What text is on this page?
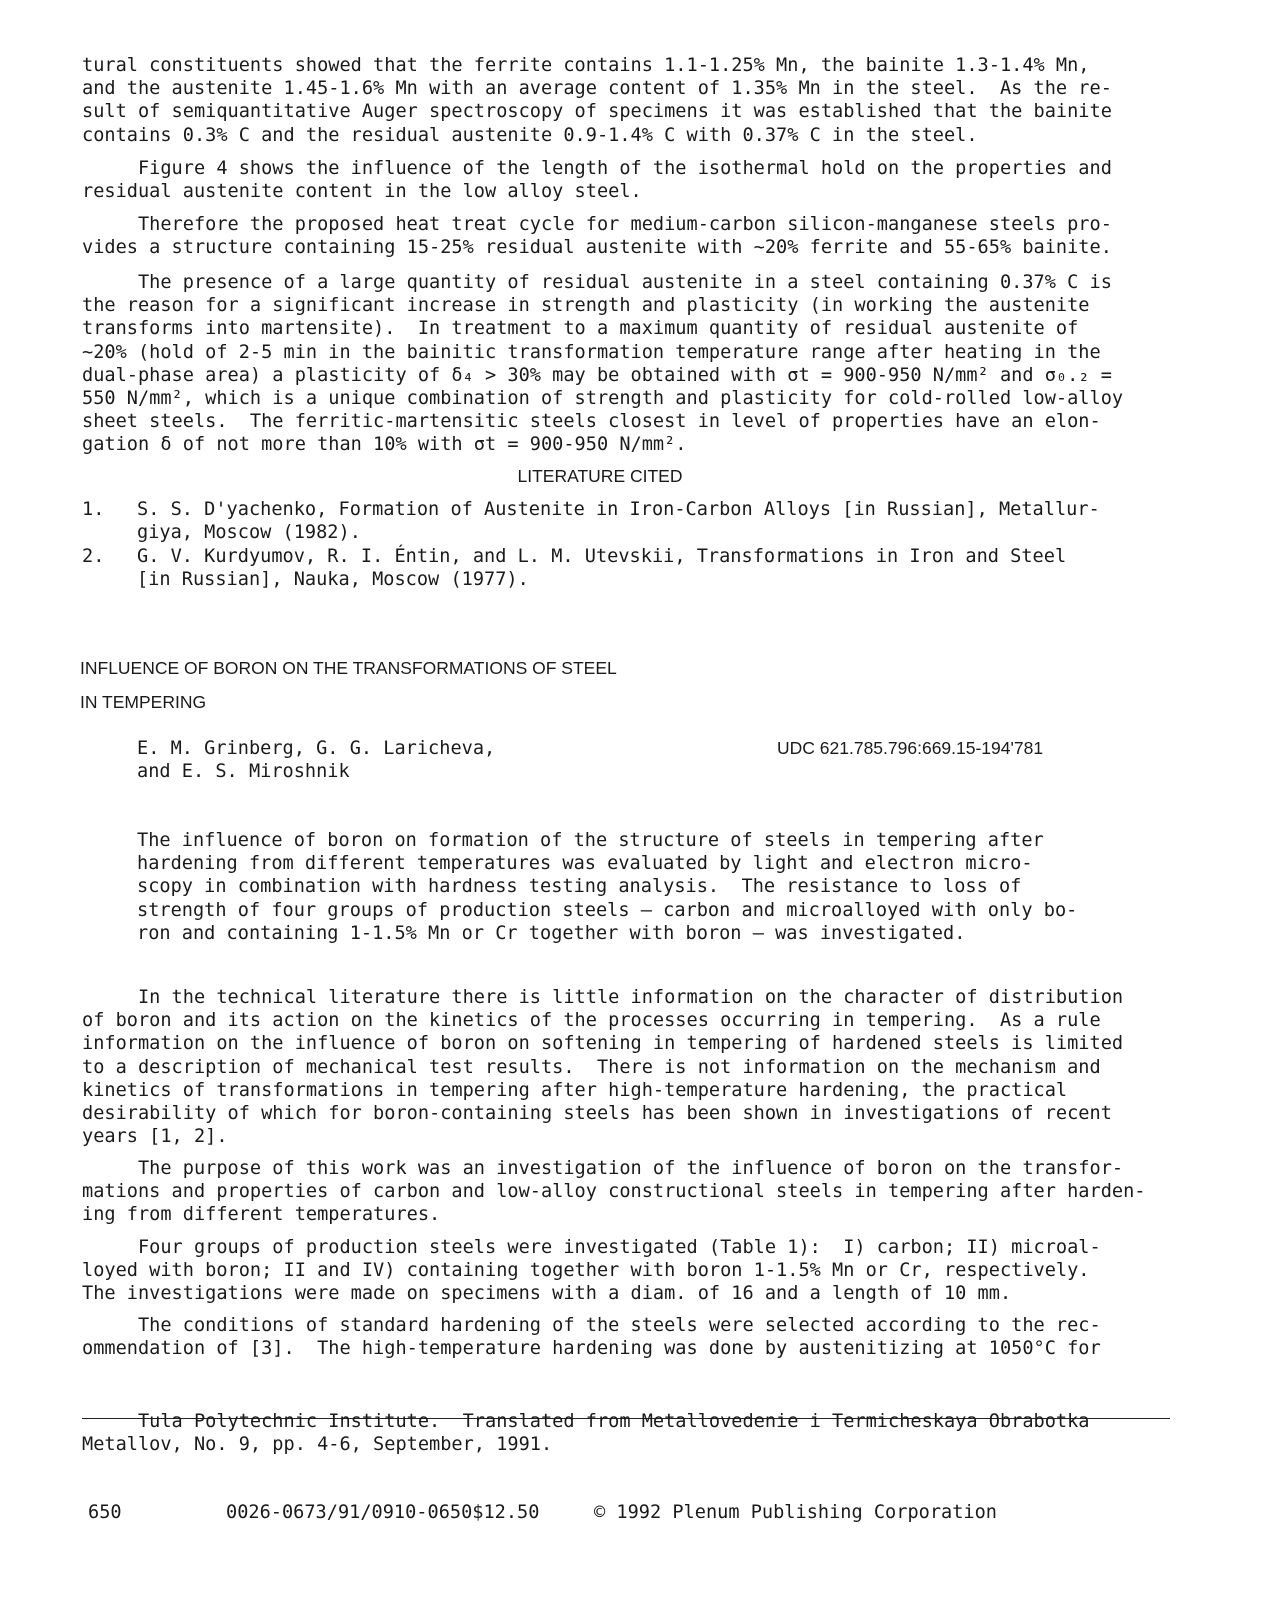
tural constituents showed that the ferrite contains 1.1-1.25% Mn, the bainite 1.3-1.4% Mn,
and the austenite 1.45-1.6% Mn with an average content of 1.35% Mn in the steel.  As the re-
sult of semiquantitative Auger spectroscopy of specimens it was established that the bainite
contains 0.3% C and the residual austenite 0.9-1.4% C with 0.37% C in the steel.

Figure 4 shows the influence of the length of the isothermal hold on the properties and
residual austenite content in the low alloy steel.

Therefore the proposed heat treat cycle for medium-carbon silicon-manganese steels pro-
vides a structure containing 15-25% residual austenite with ~20% ferrite and 55-65% bainite.

The presence of a large quantity of residual austenite in a steel containing 0.37% C is
the reason for a significant increase in strength and plasticity (in working the austenite
transforms into martensite).  In treatment to a maximum quantity of residual austenite of
~20% (hold of 2-5 min in the bainitic transformation temperature range after heating in the
dual-phase area) a plasticity of δ₄ > 30% may be obtained with σt = 900-950 N/mm² and σ₀.₂ =
550 N/mm², which is a unique combination of strength and plasticity for cold-rolled low-alloy
sheet steels.  The ferritic-martensitic steels closest in level of properties have an elon-
gation δ of not more than 10% with σt = 900-950 N/mm².

LITERATURE CITED
1. S. S. D'yachenko, Formation of Austenite in Iron-Carbon Alloys [in Russian], Metallur-
giya, Moscow (1982).

2. G. V. Kurdyumov, R. I. Éntin, and L. M. Utevskii, Transformations in Iron and Steel
[in Russian], Nauka, Moscow (1977).

INFLUENCE OF BORON ON THE TRANSFORMATIONS OF STEEL
IN TEMPERING

E. M. Grinberg, G. G. Laricheva,
and E. S. Miroshnik

UDC 621.785.796:669.15-194'781

The influence of boron on formation of the structure of steels in tempering after
hardening from different temperatures was evaluated by light and electron micro-
scopy in combination with hardness testing analysis.  The resistance to loss of
strength of four groups of production steels — carbon and microalloyed with only bo-
ron and containing 1-1.5% Mn or Cr together with boron — was investigated.

In the technical literature there is little information on the character of distribution
of boron and its action on the kinetics of the processes occurring in tempering.  As a rule
information on the influence of boron on softening in tempering of hardened steels is limited
to a description of mechanical test results.  There is not information on the mechanism and
kinetics of transformations in tempering after high-temperature hardening, the practical
desirability of which for boron-containing steels has been shown in investigations of recent
years [1, 2].

The purpose of this work was an investigation of the influence of boron on the transfor-
mations and properties of carbon and low-alloy constructional steels in tempering after harden-
ing from different temperatures.

Four groups of production steels were investigated (Table 1):  I) carbon; II) microal-
loyed with boron; II and IV) containing together with boron 1-1.5% Mn or Cr, respectively.
The investigations were made on specimens with a diam. of 16 and a length of 10 mm.

The conditions of standard hardening of the steels were selected according to the rec-
ommendation of [3].  The high-temperature hardening was done by austenitizing at 1050°C for

Tula Polytechnic Institute.  Translated from Metallovedenie i Termicheskaya Obrabotka
Metallov, No. 9, pp. 4-6, September, 1991.

650	0026-0673/91/0910-0650$12.50	© 1992 Plenum Publishing Corporation
